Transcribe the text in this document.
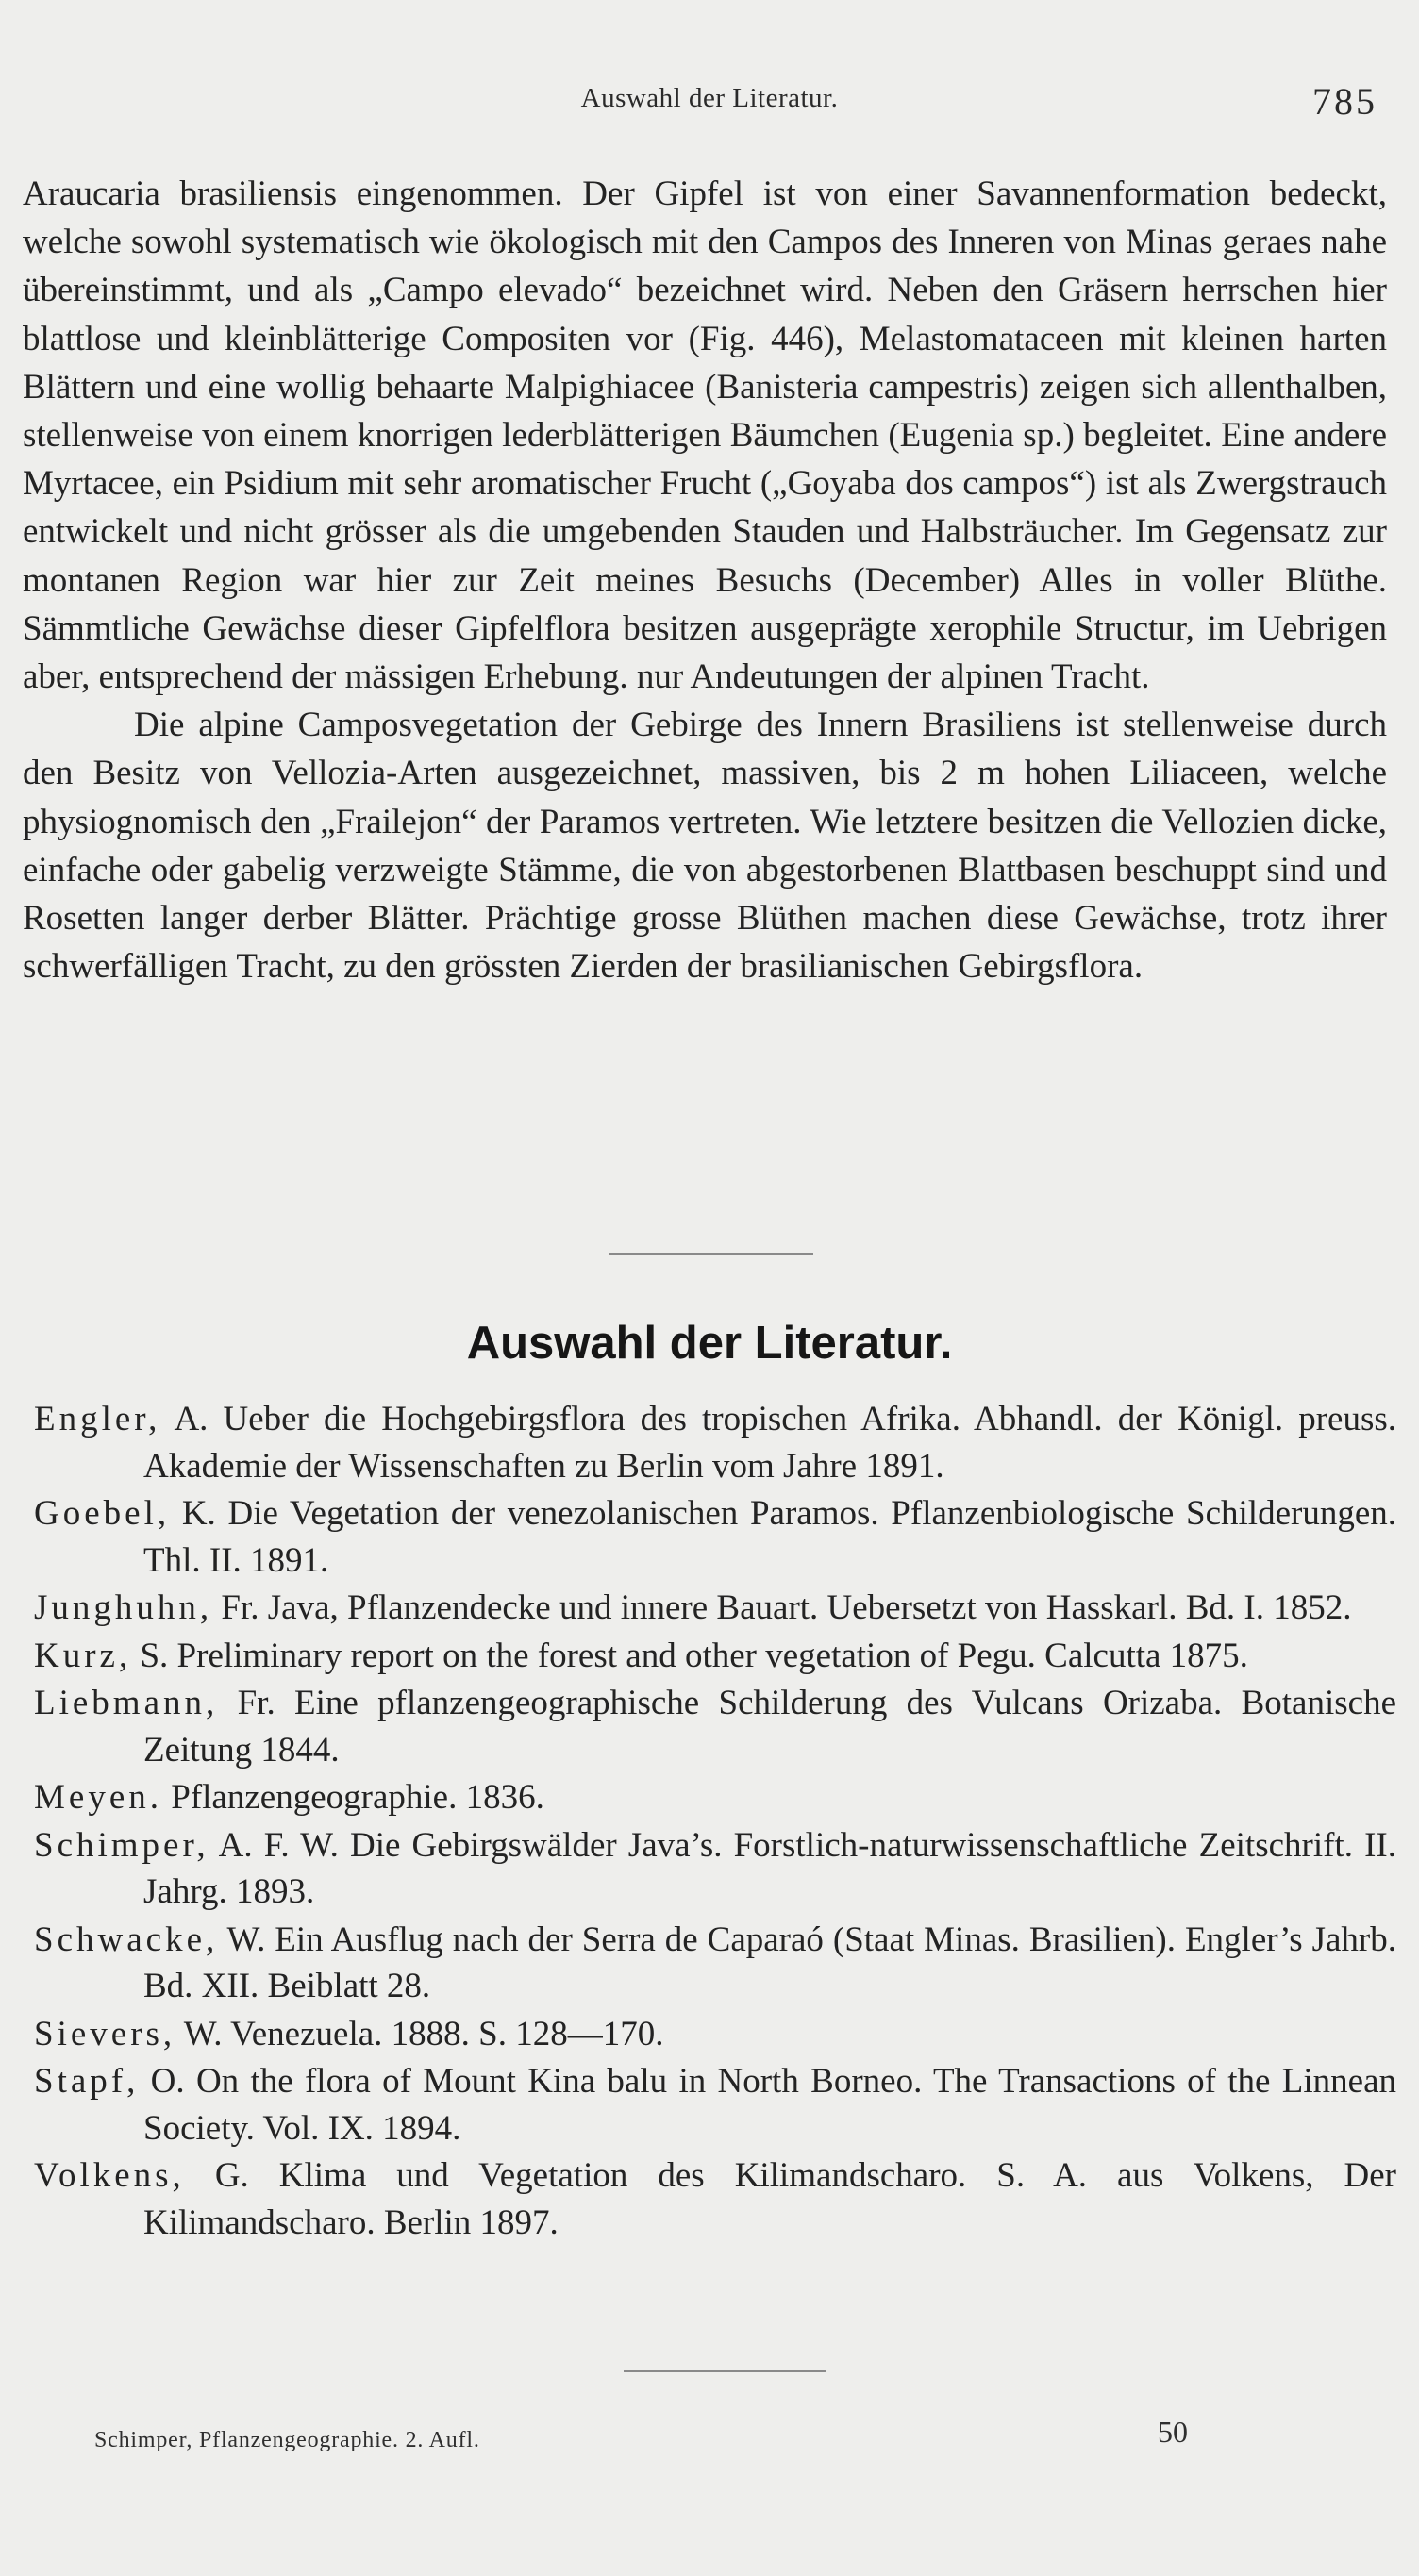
Auswahl der Literatur.	785

Araucaria brasiliensis eingenommen. Der Gipfel ist von einer Savannenformation bedeckt, welche sowohl systematisch wie ökologisch mit den Campos des Inneren von Minas geraes nahe übereinstimmt, und als „Campo elevado“ bezeichnet wird. Neben den Gräsern herrschen hier blattlose und kleinblätterige Compositen vor (Fig. 446), Melastomataceen mit kleinen harten Blättern und eine wollig behaarte Malpighiacee (Banisteria campestris) zeigen sich allenthalben, stellenweise von einem knorrigen lederblätterigen Bäumchen (Eugenia sp.) begleitet. Eine andere Myrtacee, ein Psidium mit sehr aromatischer Frucht („Goyaba dos campos“) ist als Zwergstrauch entwickelt und nicht grösser als die umgebenden Stauden und Halbsträucher. Im Gegensatz zur montanen Region war hier zur Zeit meines Besuchs (December) Alles in voller Blüthe. Sämmtliche Gewächse dieser Gipfelflora besitzen ausgeprägte xerophile Structur, im Uebrigen aber, entsprechend der mässigen Erhebung. nur Andeutungen der alpinen Tracht.

Die alpine Camposvegetation der Gebirge des Innern Brasiliens ist stellenweise durch den Besitz von Vellozia-Arten ausgezeichnet, massiven, bis 2 m hohen Liliaceen, welche physiognomisch den „Frailejon“ der Paramos vertreten. Wie letztere besitzen die Vellozien dicke, einfache oder gabelig verzweigte Stämme, die von abgestorbenen Blattbasen beschuppt sind und Rosetten langer derber Blätter. Prächtige grosse Blüthen machen diese Gewächse, trotz ihrer schwerfälligen Tracht, zu den grössten Zierden der brasilianischen Gebirgsflora.

Auswahl der Literatur.

Engler, A. Ueber die Hochgebirgsflora des tropischen Afrika. Abhandl. der Königl. preuss. Akademie der Wissenschaften zu Berlin vom Jahre 1891.

Goebel, K. Die Vegetation der venezolanischen Paramos. Pflanzenbiologische Schilderungen. Thl. II. 1891.

Junghuhn, Fr. Java, Pflanzendecke und innere Bauart. Uebersetzt von Hasskarl. Bd. I. 1852.

Kurz, S. Preliminary report on the forest and other vegetation of Pegu. Calcutta 1875.

Liebmann, Fr. Eine pflanzengeographische Schilderung des Vulcans Orizaba. Botanische Zeitung 1844.

Meyen. Pflanzengeographie. 1836.

Schimper, A. F. W. Die Gebirgswälder Java’s. Forstlich-naturwissenschaftliche Zeitschrift. II. Jahrg. 1893.

Schwacke, W. Ein Ausflug nach der Serra de Caparaó (Staat Minas. Brasilien). Engler’s Jahrb. Bd. XII. Beiblatt 28.

Sievers, W. Venezuela. 1888. S. 128—170.

Stapf, O. On the flora of Mount Kina balu in North Borneo. The Transactions of the Linnean Society. Vol. IX. 1894.

Volkens, G. Klima und Vegetation des Kilimandscharo. S. A. aus Volkens, Der Kilimandscharo. Berlin 1897.

Schimper, Pflanzengeographie. 2. Aufl.	50
